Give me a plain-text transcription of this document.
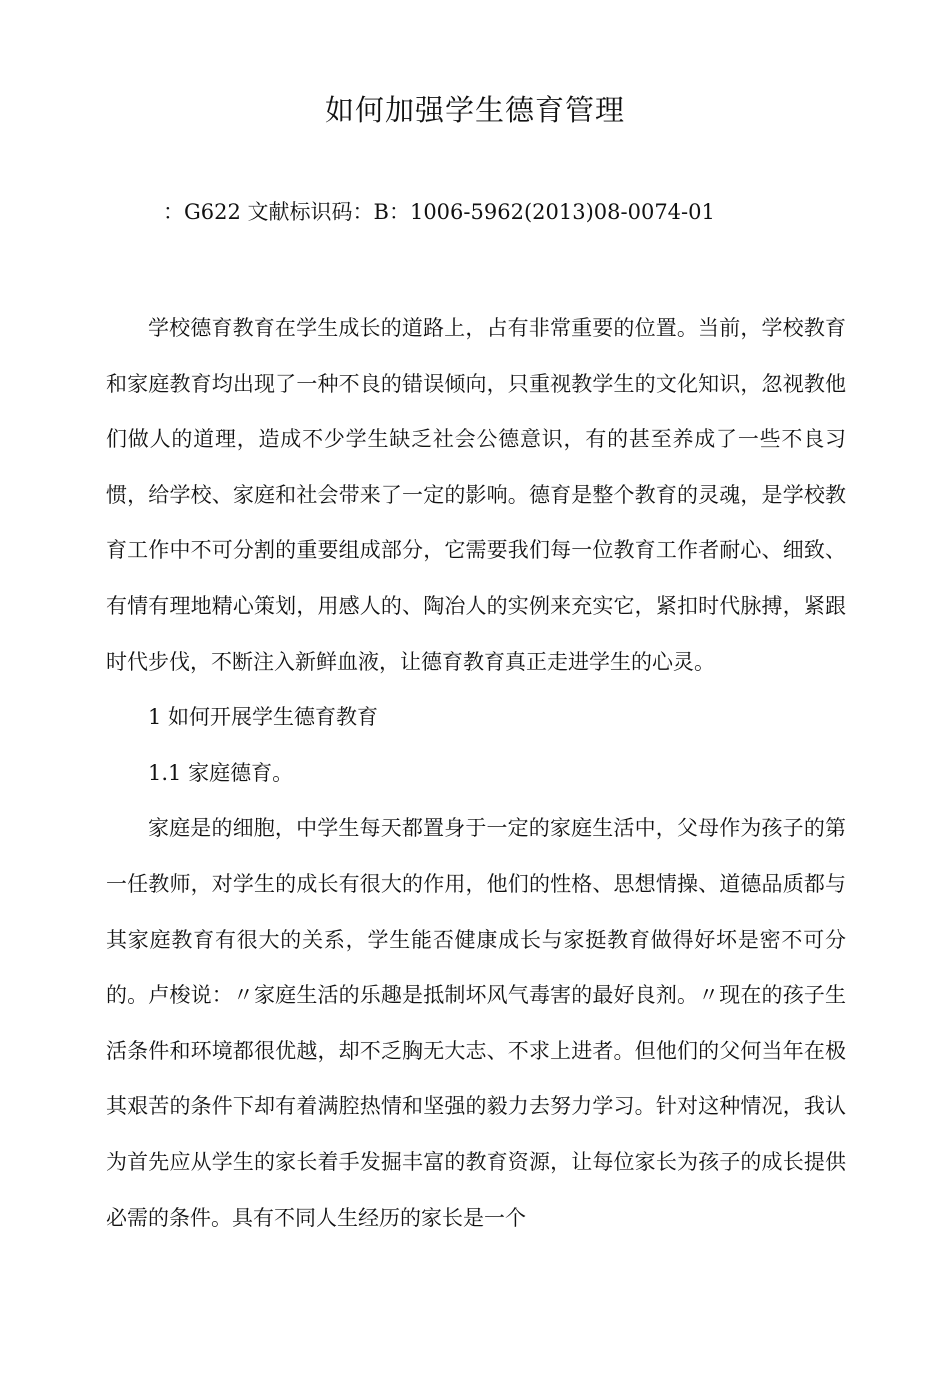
如何加强学生德育管理
：G622 文献标识码：B：1006-5962(2013)08-0074-01

学校德育教育在学生成长的道路上，占有非常重要的位置。当前，学校教育和家庭教育均出现了一种不良的错误倾向，只重视教学生的文化知识，忽视教他们做人的道理，造成不少学生缺乏社会公德意识，有的甚至养成了一些不良习惯，给学校、家庭和社会带来了一定的影响。德育是整个教育的灵魂，是学校教育工作中不可分割的重要组成部分，它需要我们每一位教育工作者耐心、细致、有情有理地精心策划，用感人的、陶冶人的实例来充实它，紧扣时代脉搏，紧跟时代步伐，不断注入新鲜血液，让德育教育真正走进学生的心灵。

1 如何开展学生德育教育

1.1 家庭德育。

家庭是的细胞，中学生每天都置身于一定的家庭生活中，父母作为孩子的第一任教师，对学生的成长有很大的作用，他们的性格、思想情操、道德品质都与其家庭教育有很大的关系，学生能否健康成长与家挺教育做得好坏是密不可分的。卢梭说：〃家庭生活的乐趣是抵制坏风气毒害的最好良剂。〃现在的孩子生活条件和环境都很优越，却不乏胸无大志、不求上进者。但他们的父何当年在极其艰苦的条件下却有着满腔热情和坚强的毅力去努力学习。针对这种情况，我认为首先应从学生的家长着手发掘丰富的教育资源，让每位家长为孩子的成长提供必需的条件。具有不同人生经历的家长是一个
